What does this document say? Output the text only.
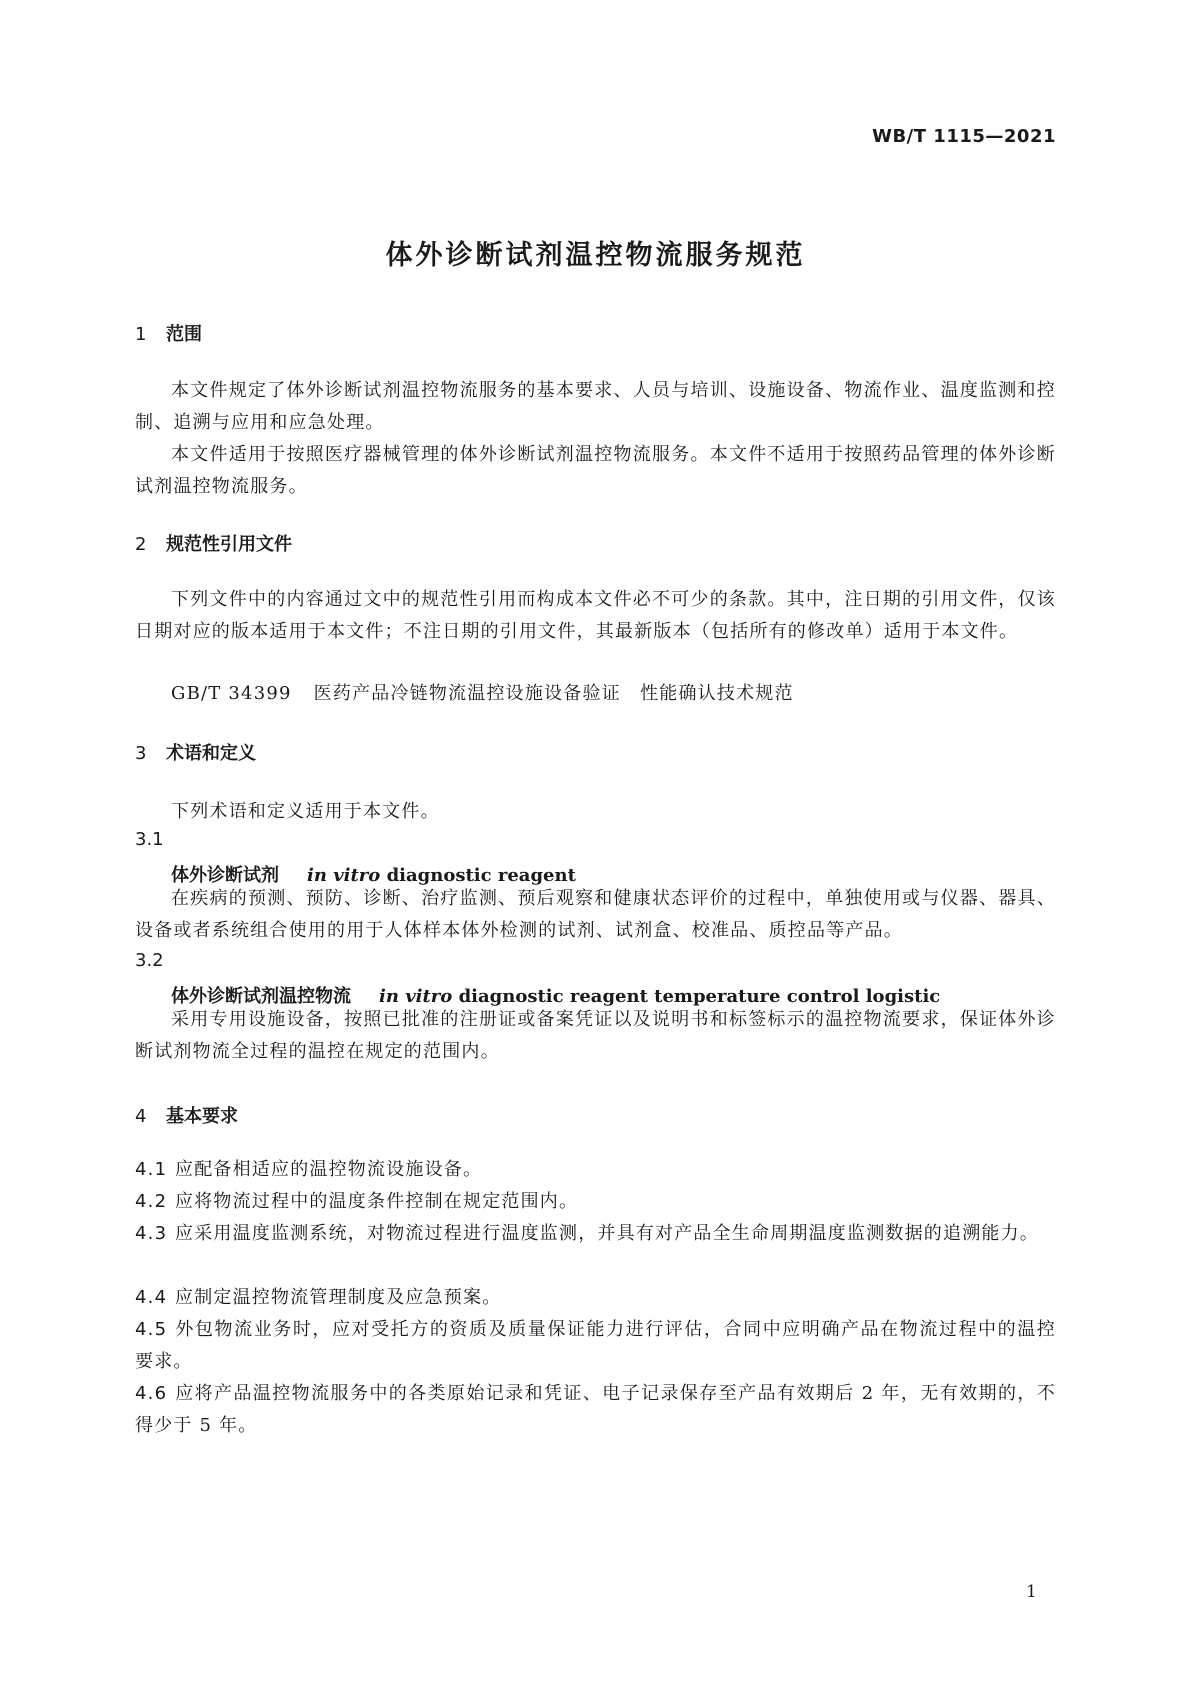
WB/T 1115—2021
体外诊断试剂温控物流服务规范
1 范围
本文件规定了体外诊断试剂温控物流服务的基本要求、人员与培训、设施设备、物流作业、温度监测和控制、追溯与应用和应急处理。
本文件适用于按照医疗器械管理的体外诊断试剂温控物流服务。本文件不适用于按照药品管理的体外诊断试剂温控物流服务。
2 规范性引用文件
下列文件中的内容通过文中的规范性引用而构成本文件必不可少的条款。其中，注日期的引用文件，仅该日期对应的版本适用于本文件；不注日期的引用文件，其最新版本（包括所有的修改单）适用于本文件。
GB/T 34399 医药产品冷链物流温控设施设备验证　性能确认技术规范
3 术语和定义
下列术语和定义适用于本文件。
3.1
体外诊断试剂 in vitro diagnostic reagent
在疾病的预测、预防、诊断、治疗监测、预后观察和健康状态评价的过程中，单独使用或与仪器、器具、设备或者系统组合使用的用于人体样本体外检测的试剂、试剂盒、校准品、质控品等产品。
3.2
体外诊断试剂温控物流 in vitro diagnostic reagent temperature control logistic
采用专用设施设备，按照已批准的注册证或备案凭证以及说明书和标签标示的温控物流要求，保证体外诊断试剂物流全过程的温控在规定的范围内。
4 基本要求
4.1 应配备相适应的温控物流设施设备。
4.2 应将物流过程中的温度条件控制在规定范围内。
4.3 应采用温度监测系统，对物流过程进行温度监测，并具有对产品全生命周期温度监测数据的追溯能力。
4.4 应制定温控物流管理制度及应急预案。
4.5 外包物流业务时，应对受托方的资质及质量保证能力进行评估，合同中应明确产品在物流过程中的温控要求。
4.6 应将产品温控物流服务中的各类原始记录和凭证、电子记录保存至产品有效期后 2 年，无有效期的，不得少于 5 年。
1
